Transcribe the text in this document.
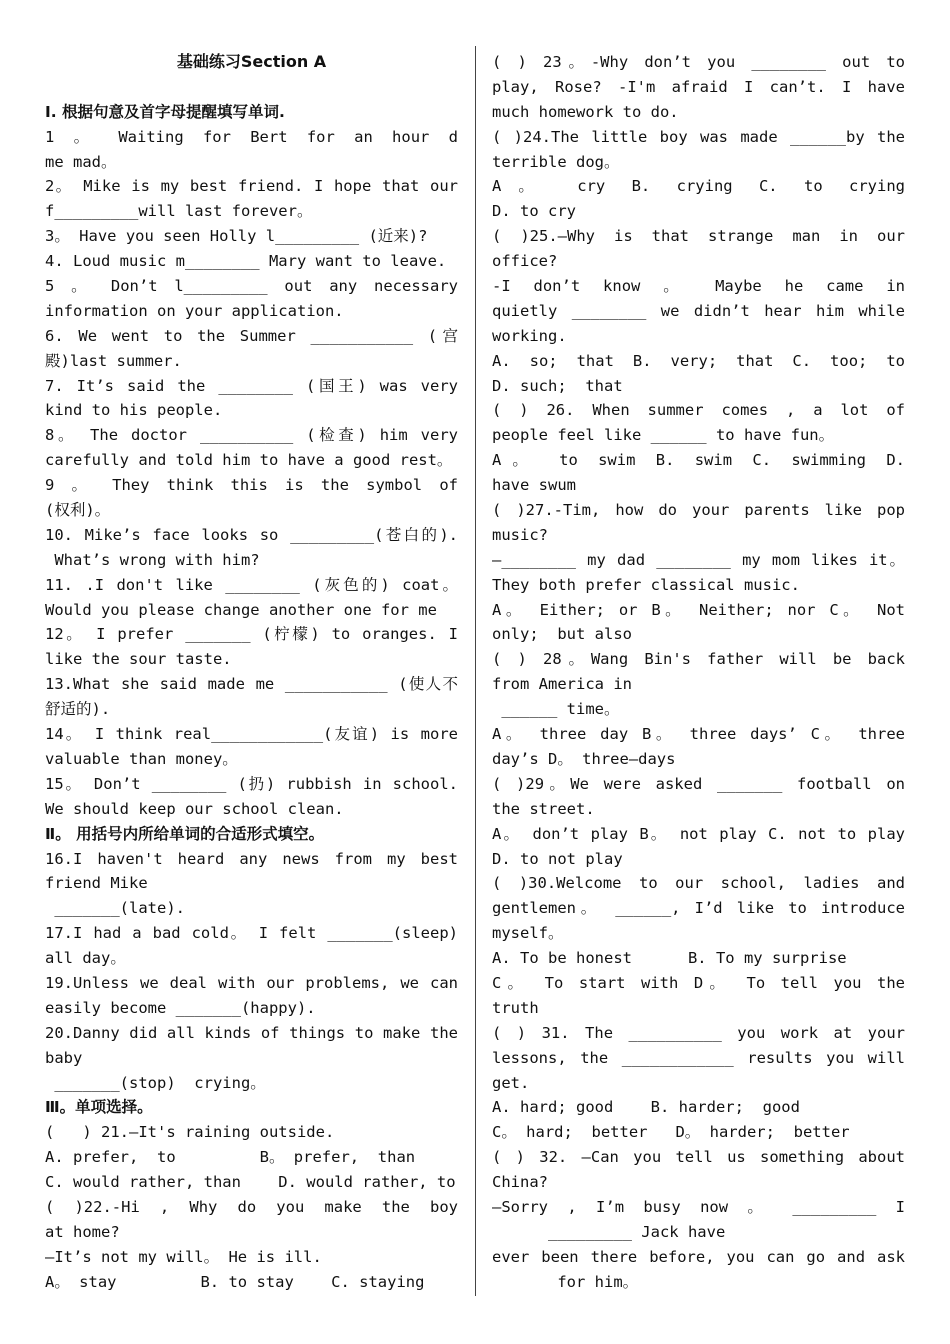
基础练习Section A

Ⅰ. 根据句意及首字母提醒填写单词.
1 。 Waiting for Bert for an hour d
me mad。
2。 Mike is my best friend. I hope that our
f_________will last forever。
3。 Have you seen Holly l_________ (近来)?
4. Loud music m________ Mary want to leave.
5 。 Don’t l_________ out any necessary
information on your application.
6. We went to the Summer ___________ (宫
殿)last summer.
7. It’s said the ________ (国王) was very
kind to his people.
8。 The doctor __________ (检查) him very
carefully and told him to have a good rest。
9 。 They think this is the symbol of
(权利)。
10. Mike’s face looks so _________(苍白的).
What’s wrong with him?
11. .I don't like ________ (灰色的) coat。
Would you please change another one for me
12。 I prefer _______ (柠檬) to oranges. I
like the sour taste.
13.What she said made me ___________ (使人不
舒适的).
14。 I think real____________(友谊) is more
valuable than money。
15。 Don’t ________ (扔) rubbish in school.
We should keep our school clean.
Ⅱ。 用括号内所给单词的合适形式填空。
16.I haven't heard any news from my best
friend Mike
_______(late).
17.I had a bad cold。 I felt _______(sleep)
all day。
19.Unless we deal with our problems, we can
easily become _______(happy).
20.Danny did all kinds of things to make the
baby
_______(stop)  crying。
Ⅲ。单项选择。
(   ) 21.—It's raining outside.
A. prefer,  to         B。 prefer,  than
C. would rather, than    D. would rather, to
( )22.-Hi , Why do you make the boy
at home?
—It’s not my will。 He is ill.
A。 stay         B. to stay    C. staying
( ) 23。-Why don’t you ________ out to
play, Rose? -I'm afraid I can’t. I have
much homework to do.
( )24.The little boy was made ______by the
terrible dog。
A。 cry B. crying C. to crying
D. to cry
( )25.—Why is that strange man in our
office?
-I don’t know 。 Maybe he came in
quietly ________ we didn’t hear him while
working.
A. so; that B. very; that C. too; to
D. such;  that
( ) 26. When summer comes , a lot of
people feel like ______ to have fun。
A。 to swim B. swim C. swimming D.
have swum
( )27.-Tim, how do your parents like pop
music?
—________ my dad ________ my mom likes it。
They both prefer classical music.
A。 Either; or B。 Neither; nor C。 Not
only;  but also
( ) 28。Wang Bin's father will be back
from America in
______ time。
A。 three day B。 three days’ C。 three
day’s D。 three—days
( )29。We were asked _______ football on
the street.
A。 don’t play B。 not play C. not to play
D. to not play
( )30.Welcome to our school, ladies and
gentlemen。 ______, I’d like to introduce
myself。
A. To be honest      B. To my surprise
C。 To start with D。 To tell you the
truth
( ) 31. The __________ you work at your
lessons, the ____________ results you will
get.
A. hard; good    B. harder;  good
C。 hard;  better   D。 harder;  better
( ) 32. —Can you tell us something about
China?
—Sorry , I’m busy now 。 _________ I
_________ Jack have
ever been there before, you can go and ask
for him。
